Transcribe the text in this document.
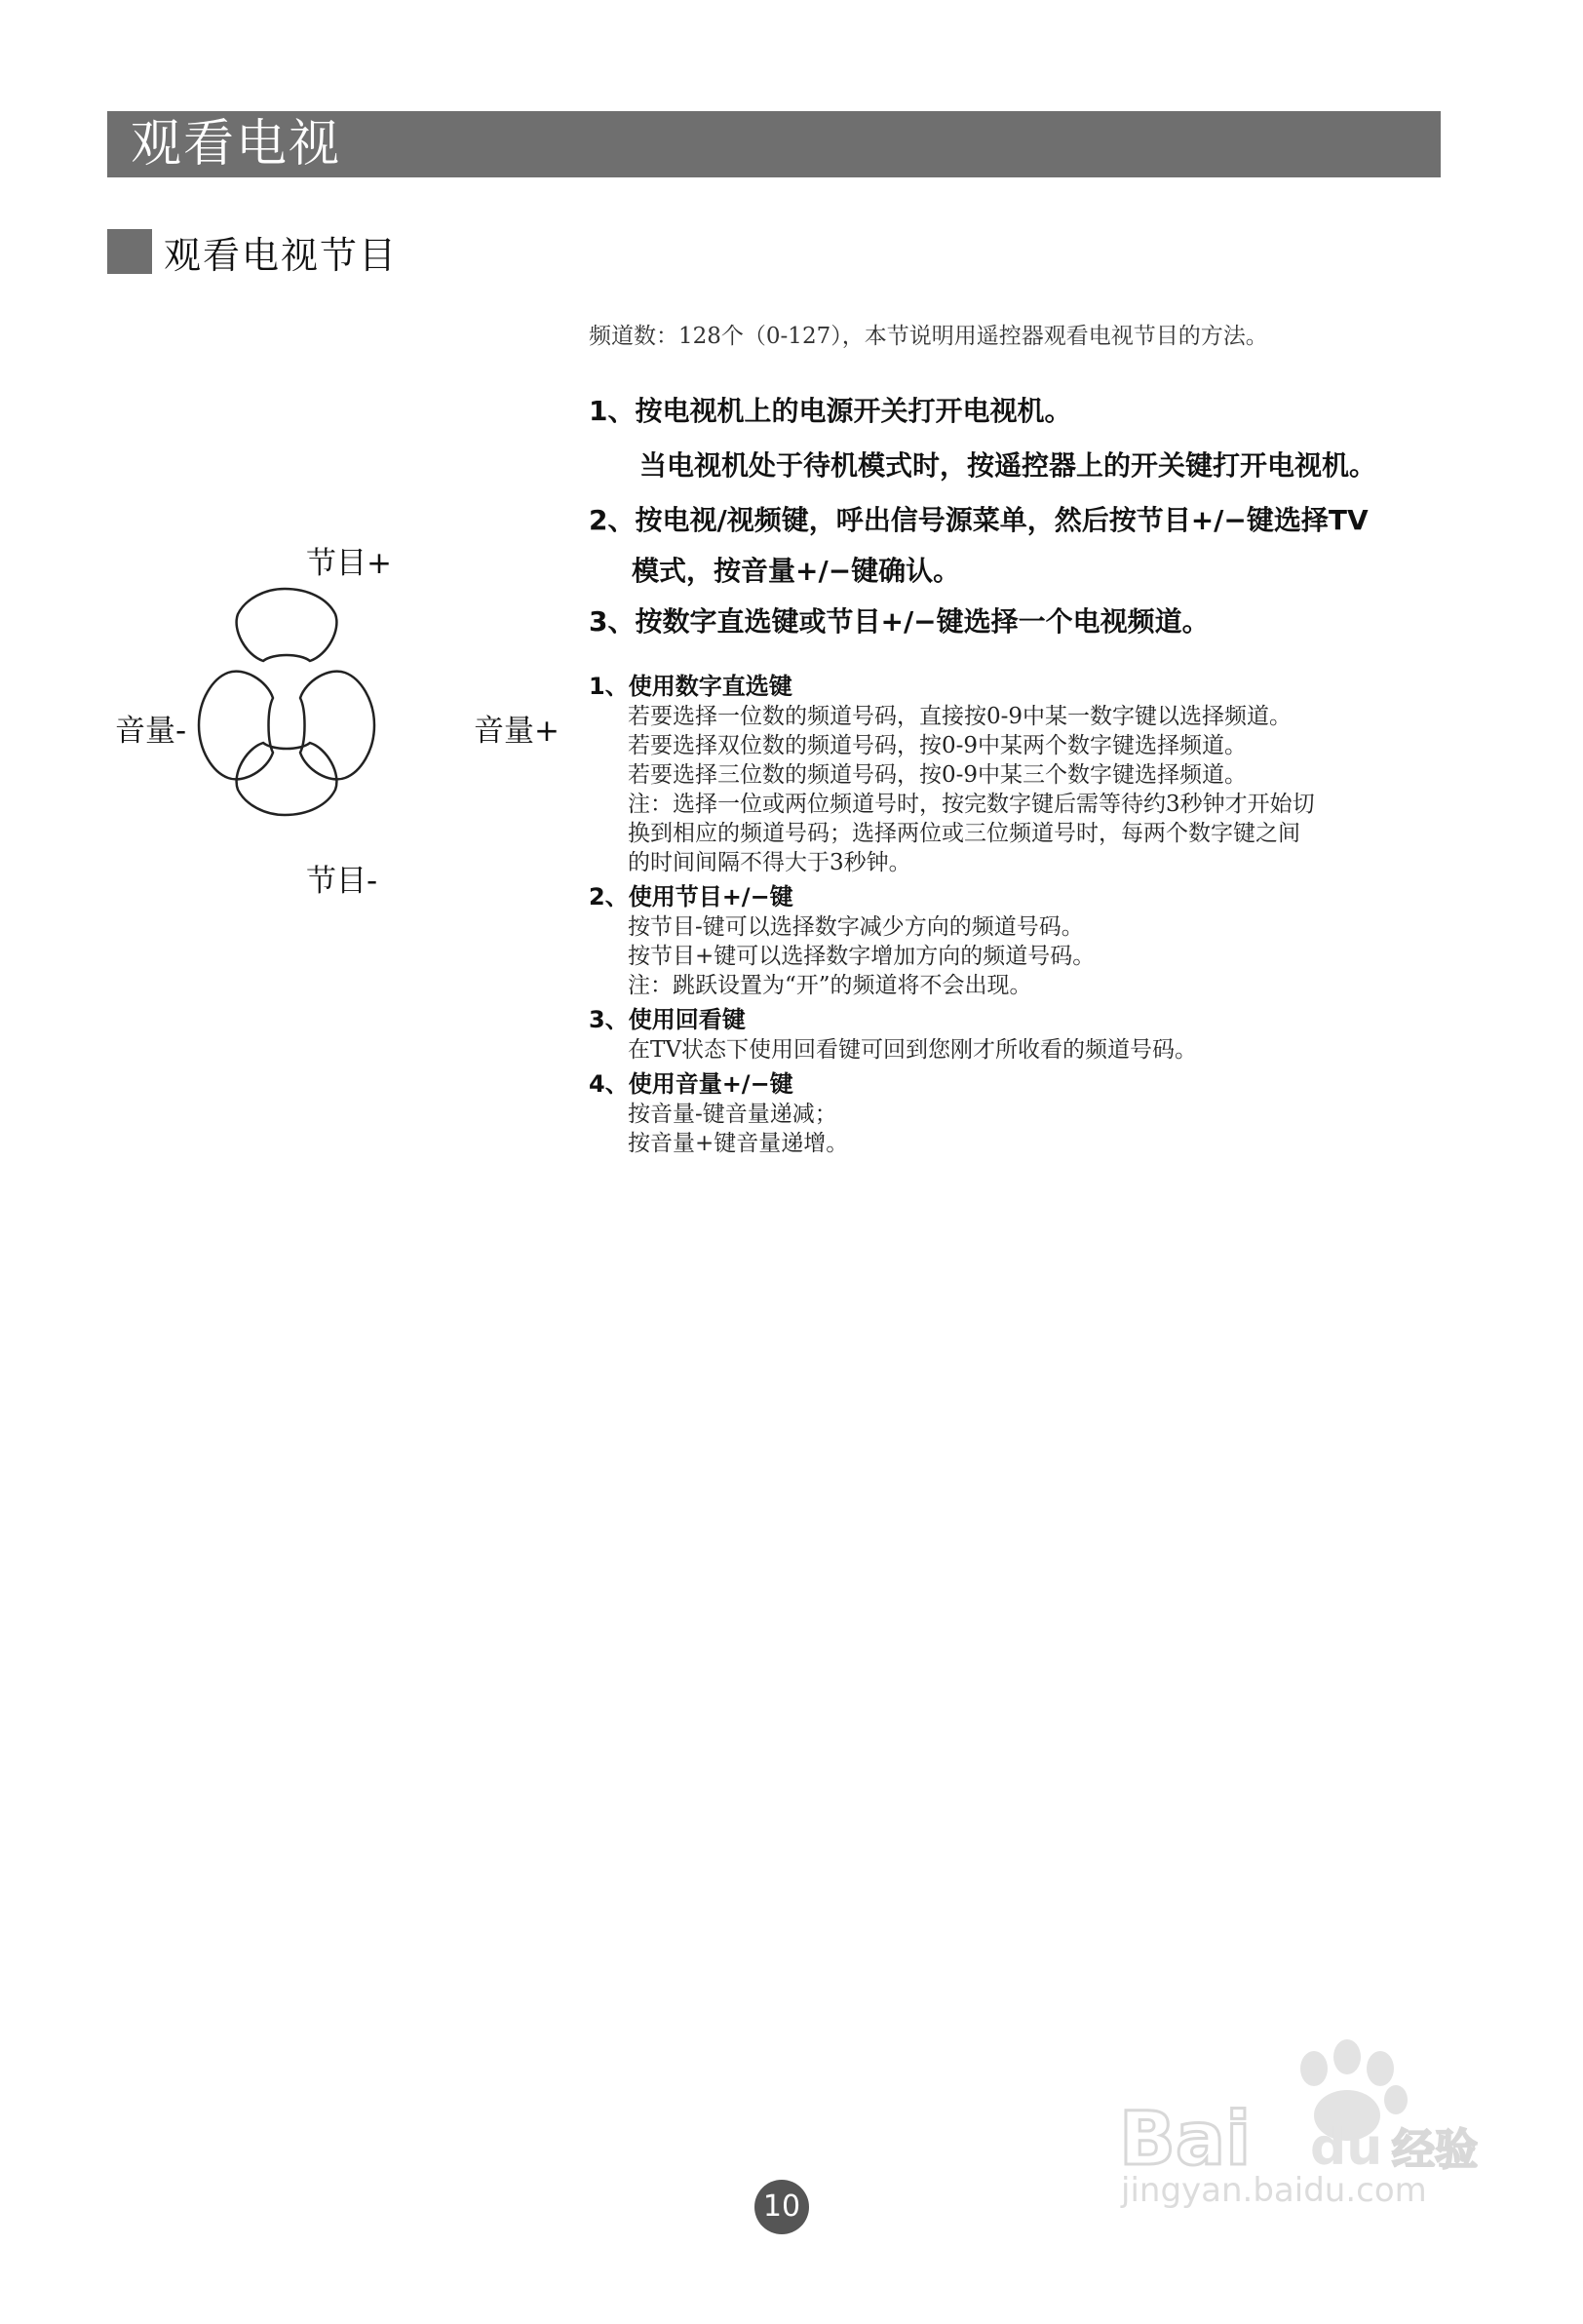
观看电视
观看电视节目
频道数：128个（0-127），本节说明用遥控器观看电视节目的方法。
1、按电视机上的电源开关打开电视机。
当电视机处于待机模式时，按遥控器上的开关键打开电视机。
2、按电视/视频键，呼出信号源菜单，然后按节目+/−键选择TV
模式，按音量+/−键确认。
3、按数字直选键或节目+/−键选择一个电视频道。
节目+
节目-
音量-	音量+
1、使用数字直选键
若要选择一位数的频道号码，直接按0-9中某一数字键以选择频道。
若要选择双位数的频道号码，按0-9中某两个数字键选择频道。
若要选择三位数的频道号码，按0-9中某三个数字键选择频道。
注：选择一位或两位频道号时，按完数字键后需等待约3秒钟才开始切
换到相应的频道号码；选择两位或三位频道号时，每两个数字键之间
的时间间隔不得大于3秒钟。
2、使用节目+/−键
按节目-键可以选择数字减少方向的频道号码。
按节目+键可以选择数字增加方向的频道号码。
注：跳跃设置为“开”的频道将不会出现。
3、使用回看键
在TV状态下使用回看键可回到您刚才所收看的频道号码。
4、使用音量+/−键
按音量-键音量递减；
按音量+键音量递增。
Bai du 经验
jingyan.baidu.com
10
